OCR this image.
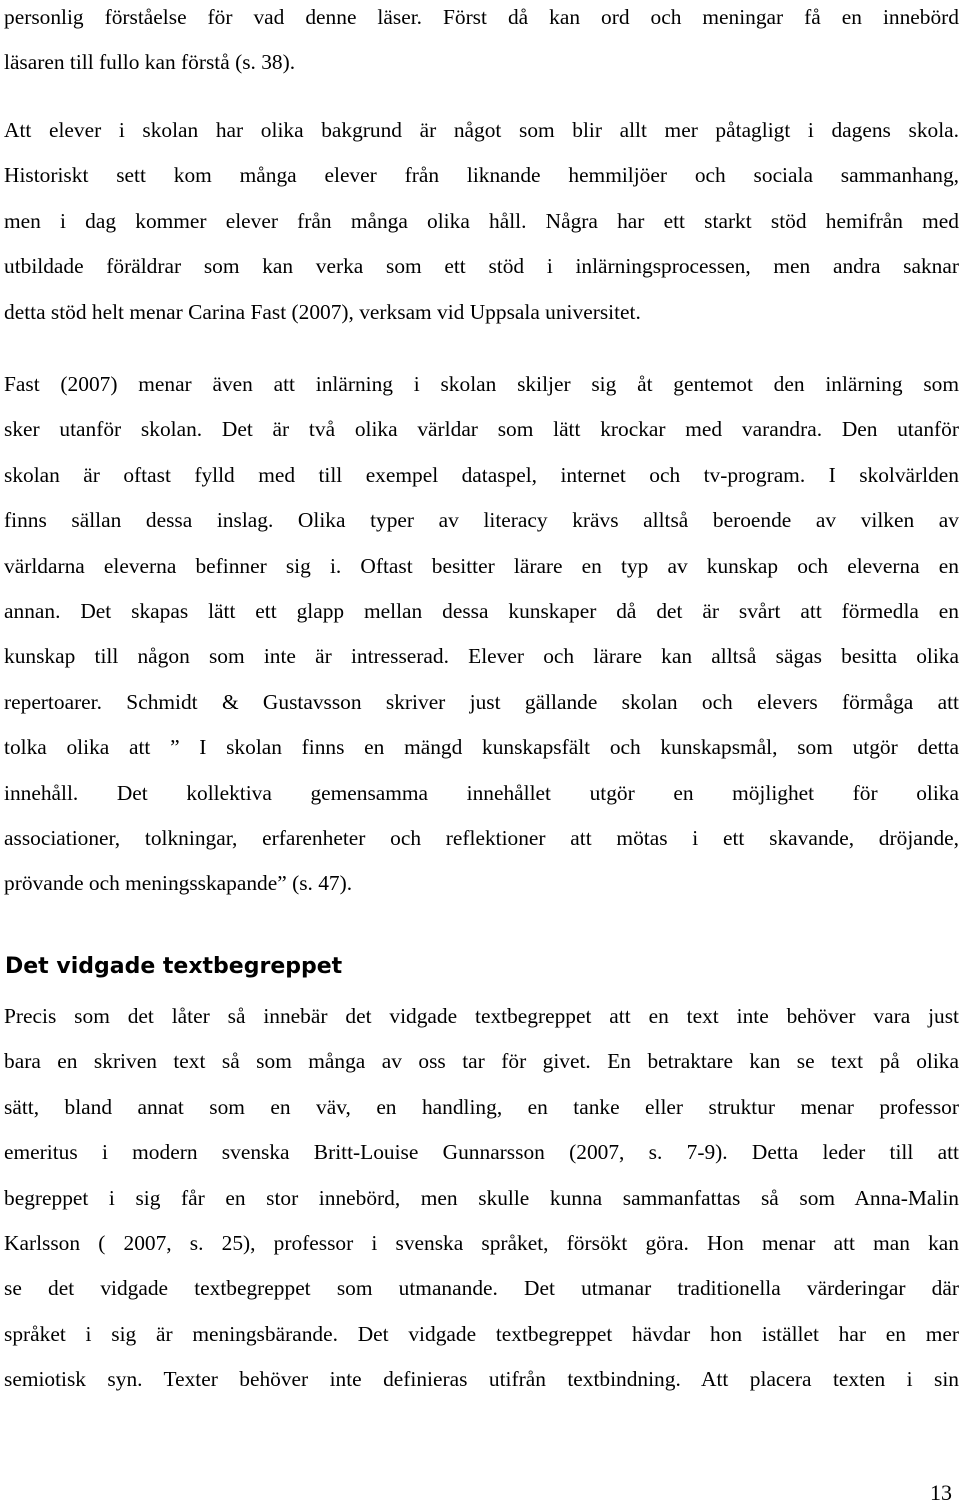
personlig förståelse för vad denne läser. Först då kan ord och meningar få en innebörd
läsaren till fullo kan förstå (s. 38).
Att elever i skolan har olika bakgrund är något som blir allt mer påtagligt i dagens skola.
Historiskt sett kom många elever från liknande hemmiljöer och sociala sammanhang,
men i dag kommer elever från många olika håll. Några har ett starkt stöd hemifrån med
utbildade föräldrar som kan verka som ett stöd i inlärningsprocessen, men andra saknar
detta stöd helt menar Carina Fast (2007), verksam vid Uppsala universitet.
Fast (2007) menar även att inlärning i skolan skiljer sig åt gentemot den inlärning som
sker utanför skolan. Det är två olika världar som lätt krockar med varandra. Den utanför
skolan är oftast fylld med till exempel dataspel, internet och tv-program. I skolvärlden
finns sällan dessa inslag. Olika typer av literacy krävs alltså beroende av vilken av
världarna eleverna befinner sig i. Oftast besitter lärare en typ av kunskap och eleverna en
annan. Det skapas lätt ett glapp mellan dessa kunskaper då det är svårt att förmedla en
kunskap till någon som inte är intresserad. Elever och lärare kan alltså sägas besitta olika
repertoarer. Schmidt & Gustavsson skriver just gällande skolan och elevers förmåga att
tolka olika att ” I skolan finns en mängd kunskapsfält och kunskapsmål, som utgör detta
innehåll. Det kollektiva gemensamma innehållet utgör en möjlighet för olika
associationer, tolkningar, erfarenheter och reflektioner att mötas i ett skavande, dröjande,
prövande och meningsskapande” (s. 47).
Det vidgade textbegreppet
Precis som det låter så innebär det vidgade textbegreppet att en text inte behöver vara just
bara en skriven text så som många av oss tar för givet. En betraktare kan se text på olika
sätt, bland annat som en väv, en handling, en tanke eller struktur menar professor
emeritus i modern svenska Britt-Louise Gunnarsson (2007, s. 7-9). Detta leder till att
begreppet i sig får en stor innebörd, men skulle kunna sammanfattas så som Anna-Malin
Karlsson ( 2007, s. 25), professor i svenska språket, försökt göra. Hon menar att man kan
se det vidgade textbegreppet som utmanande. Det utmanar traditionella värderingar där
språket i sig är meningsbärande. Det vidgade textbegreppet hävdar hon istället har en mer
semiotisk syn. Texter behöver inte definieras utifrån textbindning. Att placera texten i sin
13
